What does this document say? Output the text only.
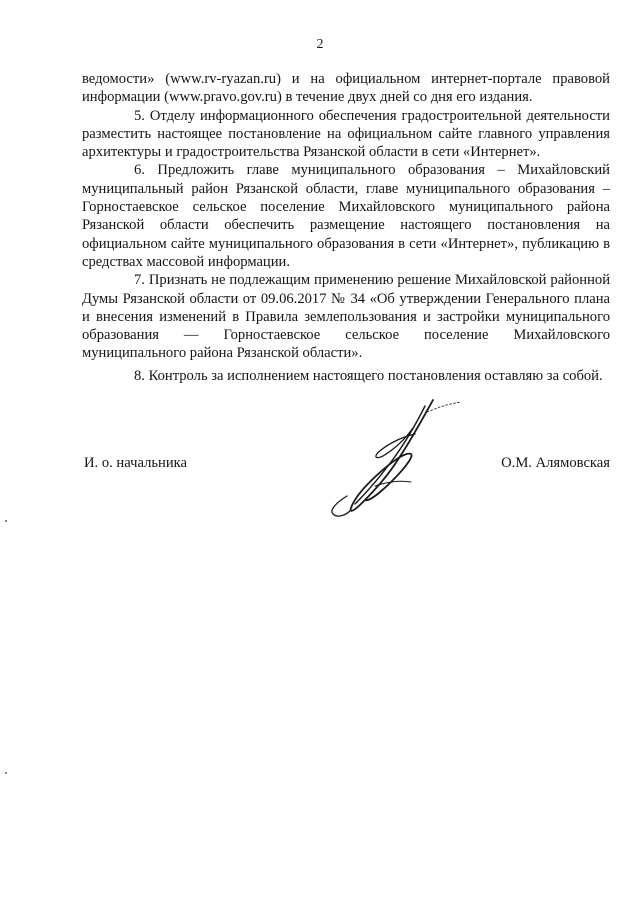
2

ведомости» (www.rv-ryazan.ru) и на официальном интернет-портале правовой информации (www.pravo.gov.ru) в течение двух дней со дня его издания.

5. Отделу информационного обеспечения градостроительной деятельности разместить настоящее постановление на официальном сайте главного управления архитектуры и градостроительства Рязанской области в сети «Интернет».

6. Предложить главе муниципального образования – Михайловский муниципальный район Рязанской области, главе муниципального образования – Горностаевское сельское поселение Михайловского муниципального района Рязанской области обеспечить размещение настоящего постановления на официальном сайте муниципального образования в сети «Интернет», публикацию в средствах массовой информации.

7. Признать не подлежащим применению решение Михайловской районной Думы Рязанской области от 09.06.2017 № 34 «Об утверждении Генерального плана и внесения изменений в Правила землепользования и застройки муниципального образования — Горностаевское сельское поселение Михайловского муниципального района Рязанской области».

8. Контроль за исполнением настоящего постановления оставляю за собой.

И. о. начальника	О.М. Алямовская
